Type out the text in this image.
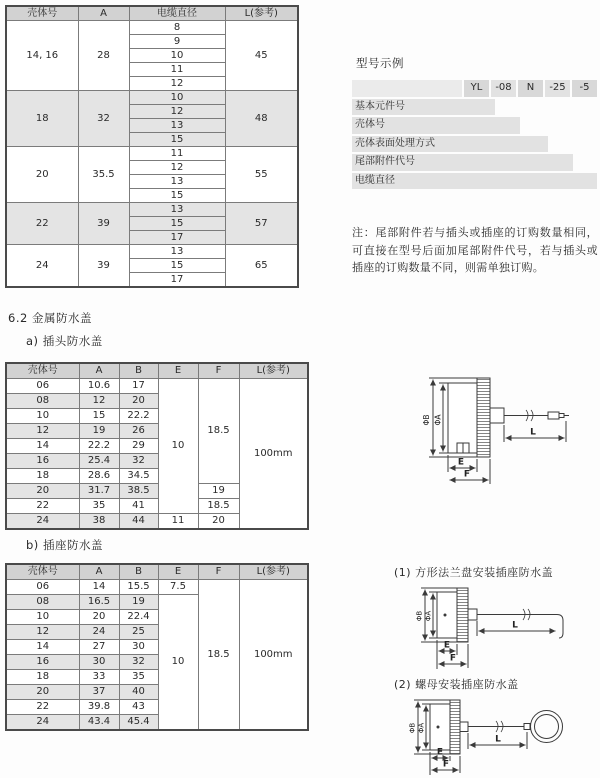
壳体号	A	电缆直径	L(参考)
14, 16	28	8	45
		9	
		10	
		11	
		12	
18	32	10	48
		12	
		13	
		15	
20	35.5	11	55
		12	
		13	
		15	
22	39	13	57
		15	
		17	
24	39	13	65
		15	
		17	
型号示例
YL	-08	N	-25	-5
基本元件号
壳体号
壳体表面处理方式
尾部附件代号
电缆直径
注：尾部附件若与插头或插座的订购数量相同，可直接在型号后面加尾部附件代号，若与插头或插座的订购数量不同，则需单独订购。
6.2 金属防水盖
a) 插头防水盖
壳体号	A	B	E	F	L(参考)
06	10.6	17	10	18.5	100mm
08	12	20			
10	15	22.2			
12	19	26			
14	22.2	29			
16	25.4	32			
18	28.6	34.5			
20	31.7	38.5		19	
22	35	41		18.5	
24	38	44	11	20	
ΦB ΦA
L
E
F
b) 插座防水盖
壳体号	A	B	E	F	L(参考)
06	14	15.5	7.5	18.5	100mm
08	16.5	19	10		
10	20	22.4			
12	24	25			
14	27	30			
16	30	32			
18	33	35			
20	37	40			
22	39.8	43			
24	43.4	45.4			
(1) 方形法兰盘安装插座防水盖
ΦB ΦA
L
E
F
(2) 螺母安装插座防水盖
ΦB ΦA
L
E
F
